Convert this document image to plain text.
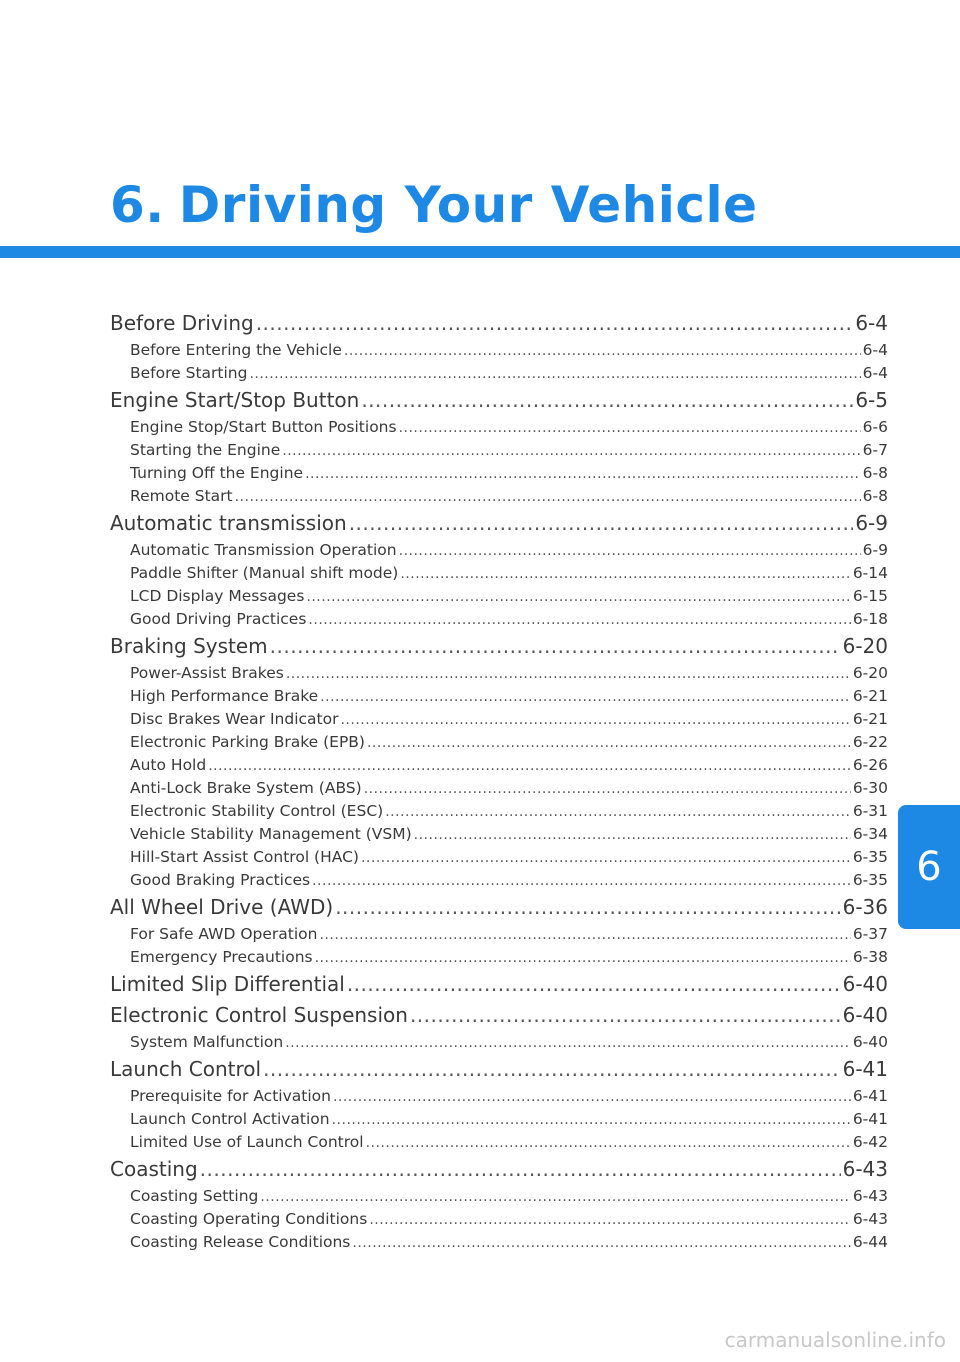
6. Driving Your Vehicle
Before Driving .....	6-4
Before Entering the Vehicle .....	6-4
Before Starting .....	6-4
Engine Start/Stop Button .....	6-5
Engine Stop/Start Button Positions .....	6-6
Starting the Engine .....	6-7
Turning Off the Engine .....	6-8
Remote Start .....	6-8
Automatic transmission .....	6-9
Automatic Transmission Operation .....	6-9
Paddle Shifter (Manual shift mode) .....	6-14
LCD Display Messages .....	6-15
Good Driving Practices .....	6-18
Braking System .....	6-20
Power-Assist Brakes .....	6-20
High Performance Brake .....	6-21
Disc Brakes Wear Indicator .....	6-21
Electronic Parking Brake (EPB) .....	6-22
Auto Hold .....	6-26
Anti-Lock Brake System (ABS) .....	6-30
Electronic Stability Control (ESC) .....	6-31
Vehicle Stability Management (VSM) .....	6-34
Hill-Start Assist Control (HAC) .....	6-35
Good Braking Practices .....	6-35
All Wheel Drive (AWD) .....	6-36
For Safe AWD Operation .....	6-37
Emergency Precautions .....	6-38
Limited Slip Differential .....	6-40
Electronic Control Suspension .....	6-40
System Malfunction .....	6-40
Launch Control .....	6-41
Prerequisite for Activation .....	6-41
Launch Control Activation .....	6-41
Limited Use of Launch Control .....	6-42
Coasting .....	6-43
Coasting Setting .....	6-43
Coasting Operating Conditions .....	6-43
Coasting Release Conditions .....	6-44
6
carmanualsonline.info
